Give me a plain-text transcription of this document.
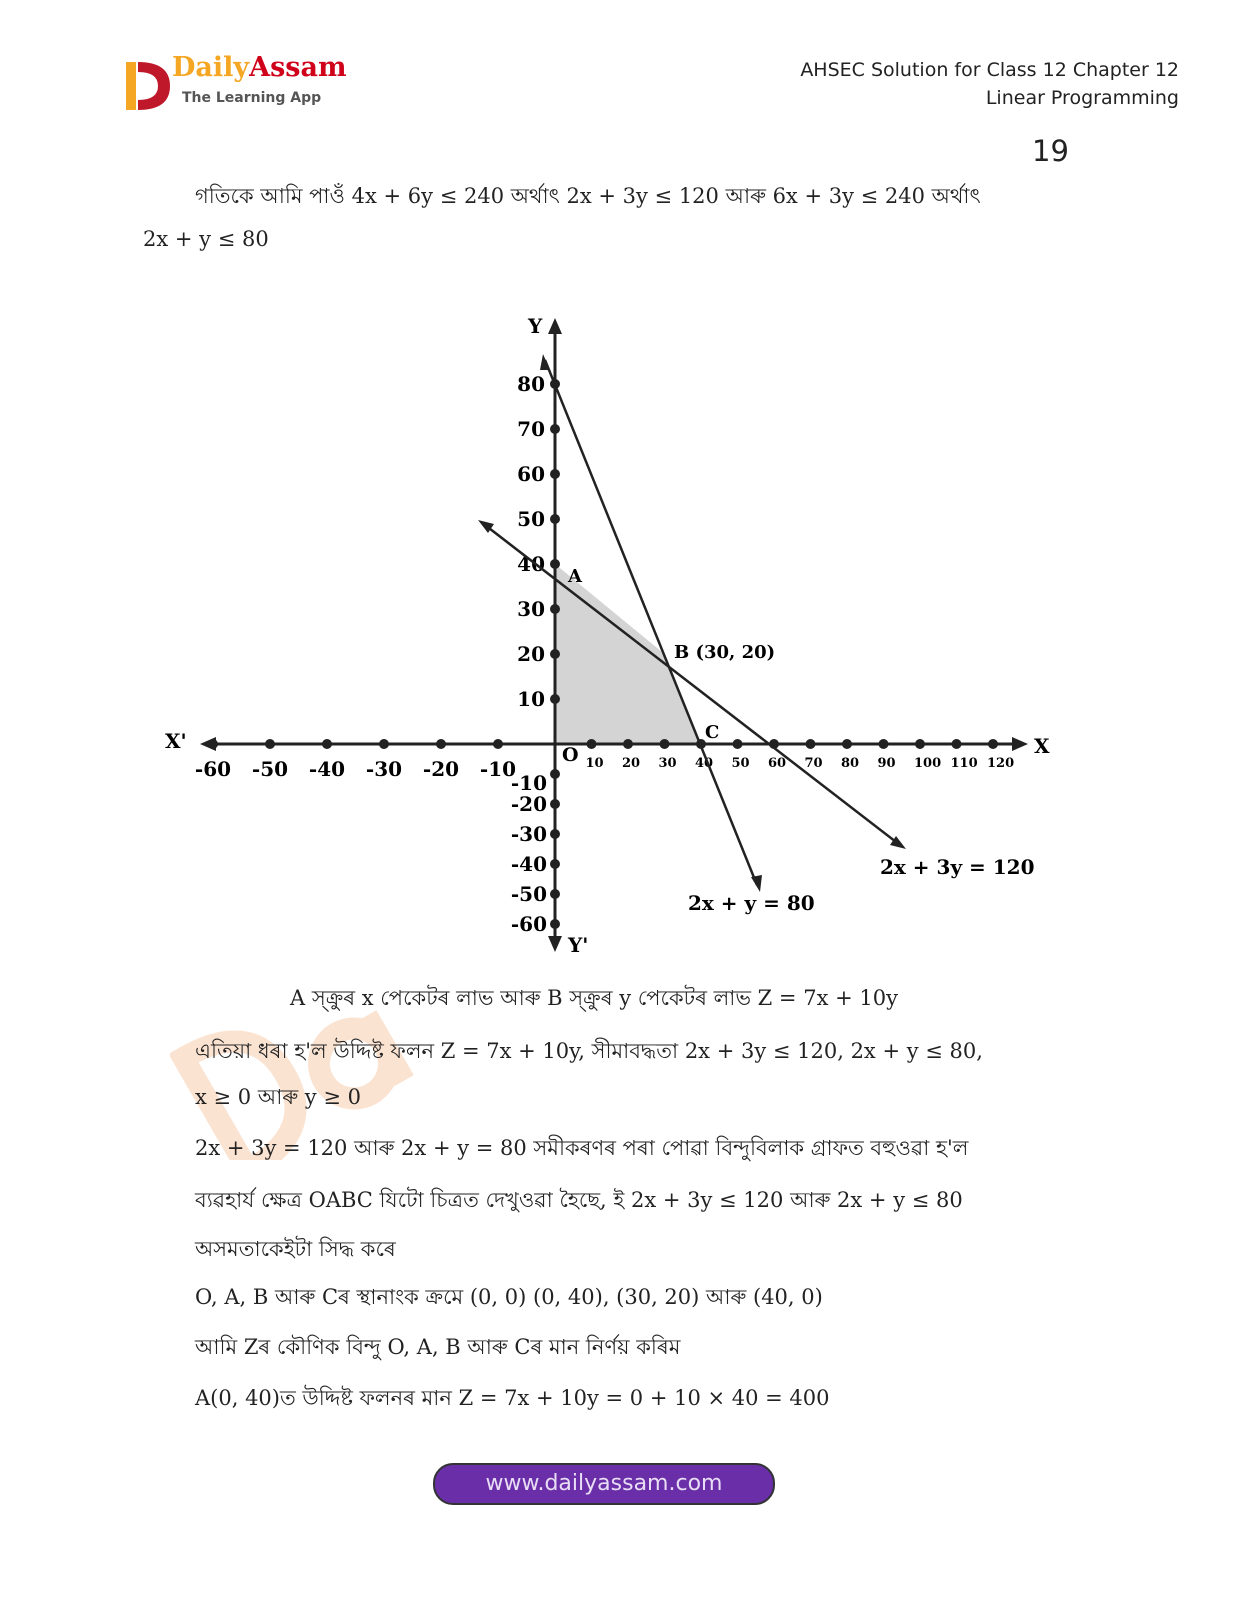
DailyAssam
The Learning App
AHSEC Solution for Class 12 Chapter 12
Linear Programming
19
গতিকে আমি পাওঁ 4x + 6y ≤ 240 অৰ্থাৎ 2x + 3y ≤ 120 আৰু 6x + 3y ≤ 240 অৰ্থাৎ
2x + y ≤ 80
10 20 30 40 50 60 70 80 90 100 110 120
-60 -50 -40 -30 -20 -10
10
20
30
40
50
60
70
80
-10
-20
-30
-40
-50
-60
X
X'
Y
Y'
O
A
B (30, 20)
C
2x + 3y = 120
2x + y = 80
A স্‌ক্ৰুৰ x পেকেটৰ লাভ আৰু B স্‌ক্ৰুৰ y পেকেটৰ লাভ Z = 7x + 10y
এতিয়া ধৰা হ'ল উদ্দিষ্ট ফলন Z = 7x + 10y, সীমাবদ্ধতা 2x + 3y ≤ 120, 2x + y ≤ 80,
x ≥ 0 আৰু y ≥ 0
2x + 3y = 120 আৰু 2x + y = 80 সমীকৰণৰ পৰা পোৱা বিন্দুবিলাক গ্ৰাফত বহুওৱা হ'ল
ব্যৱহাৰ্য ক্ষেত্ৰ OABC যিটো চিত্ৰত দেখুওৱা হৈছে, ই 2x + 3y ≤ 120 আৰু 2x + y ≤ 80
অসমতাকেইটা সিদ্ধ কৰে
O, A, B আৰু Cৰ স্থানাংক ক্ৰমে (0, 0) (0, 40), (30, 20) আৰু (40, 0)
আমি Zৰ কৌণিক বিন্দু O, A, B আৰু Cৰ মান নিৰ্ণয় কৰিম
A(0, 40)ত উদ্দিষ্ট ফলনৰ মান Z = 7x + 10y = 0 + 10 × 40 = 400
www.dailyassam.com
